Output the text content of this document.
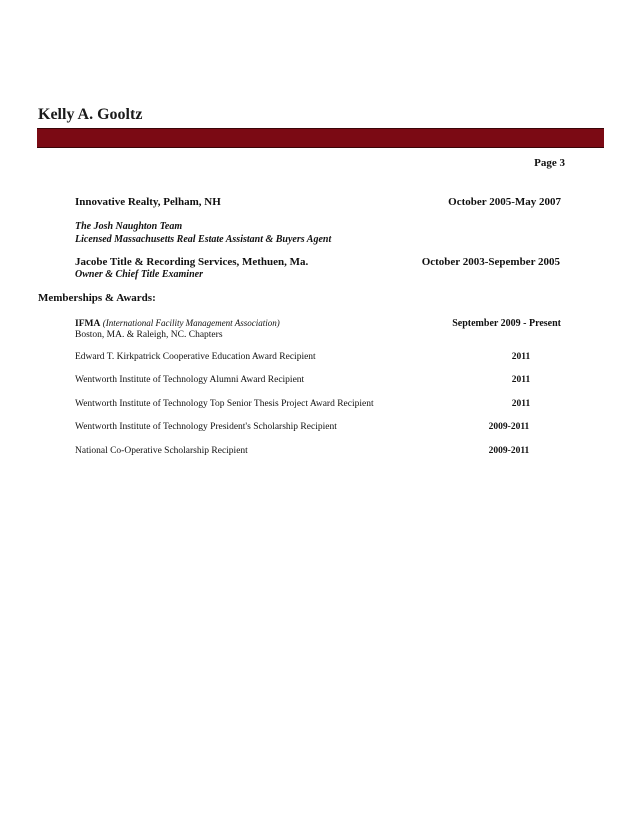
Kelly A. Gooltz
Page 3
Innovative Realty, Pelham, NH	October 2005-May 2007
The Josh Naughton Team
Licensed Massachusetts Real Estate Assistant & Buyers Agent
Jacobe Title & Recording Services, Methuen, Ma.	October 2003-Sepember 2005
Owner & Chief Title Examiner
Memberships & Awards:
IFMA (International Facility Management Association)	September 2009 - Present
Boston, MA. & Raleigh, NC. Chapters
Edward T. Kirkpatrick Cooperative Education Award Recipient	2011
Wentworth Institute of Technology Alumni Award Recipient	2011
Wentworth Institute of Technology Top Senior Thesis Project Award Recipient	2011
Wentworth Institute of Technology President's Scholarship Recipient	2009-2011
National Co-Operative Scholarship Recipient	2009-2011
